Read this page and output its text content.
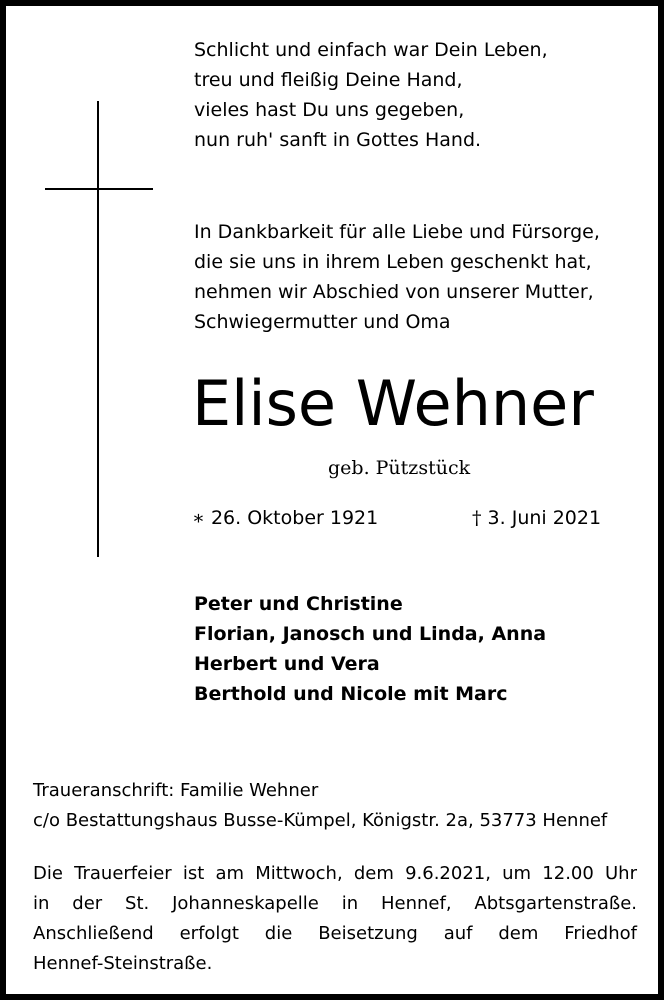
Schlicht und einfach war Dein Leben,
treu und fleißig Deine Hand,
vieles hast Du uns gegeben,
nun ruh' sanft in Gottes Hand.
In Dankbarkeit für alle Liebe und Fürsorge,
die sie uns in ihrem Leben geschenkt hat,
nehmen wir Abschied von unserer Mutter,
Schwiegermutter und Oma
Elise Wehner
geb. Pützstück
∗ 26. Oktober 1921	† 3. Juni 2021
Peter und Christine
Florian, Janosch und Linda, Anna
Herbert und Vera
Berthold und Nicole mit Marc
Traueranschrift: Familie Wehner
c/o Bestattungshaus Busse-Kümpel, Königstr. 2a, 53773 Hennef
Die Trauerfeier ist am Mittwoch, dem 9.6.2021, um 12.00 Uhr
in der St. Johanneskapelle in Hennef, Abtsgartenstraße.
Anschließend erfolgt die Beisetzung auf dem Friedhof
Hennef-Steinstraße.
